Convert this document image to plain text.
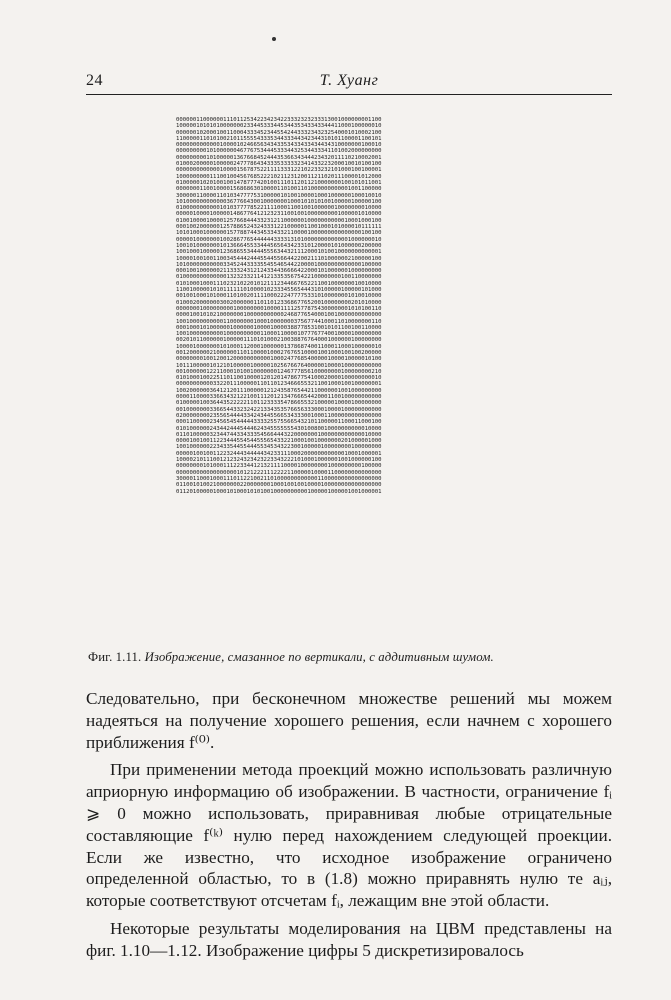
24	Т. Хуанг
0000001100000011101125342234234223332323233313001000000001100
1000001010101000000023344533344534435343343344411000100000010
0000001020001001100043334523445542443332343232540001010002100
1100000110101002101155554333534433344342344310101100001100101
0000000000000100001024665634343353433433434434310000000100010
0000000001010000004677675344453334432534433341101002000000000
0000000001010000013676684524443536634344423432011110210002001
0100020000010000024777864343335333332341433223200010010100100
0000000000000100001567875221111333122102233232101000100100001
1000000000111001004567685222102112312001121102011100001012000
0100000102010010014787774201001110112011210000000100101011001
0000000110010000156868630100001101001101000000000001001100000
3000001100001101034777753100000101001000010001000000100010010
1010000000000003677664300100000001000101010100100000100000100
0100000000000101037777852211110001100100100000010000000010000
0000010000100000148677641212323110010010000000001000001010000
0100100001000012576684443323121100000010000000000010001000100
0001002000000125788652432433312210000011001000101000010111111
1010100010000001577887443453343321100001000000000000000100100
0000010000000100286776544444433331310100000000000001000000010
1001010000000101366645533444565643423310120000101000000200000
1001000100000123686553444455563443211120001010010000000000001
1000010010011003454442444554455664422002111010000002100000100
1010000000000033452443333554554654422000010000000000000100000
0001001000000211333243121243344366664220001010000001000000000
0100000000000001323233211412133535675422100000000100110000000
0101000100011102321022010121112344667652211001000000010010000
1100100000101011111101000010233345565444310100000100000101000
0010010001010001101002011110002224777753310100000001010010000
0100020000000300200000011011012336867765200100000000201010000
0000000100000000010000000010000111125778754300000001010100110
0000100101021000000010000000000024687765400010010000000000000
1001000000000011000000010001000000037567744100011010000000110
0001000101000000100000010000100003887785310010101100100110000
1001000000000010000000000110001100001077767740010000100000000
0020101100000010000011101010002100388767640001000000100000000
1000010000000101000112000100000013786874001100011000100000010
0012000000210000001101100001000276765100001001000100100200000
0000000010012001200000000000100024776854000001000010000010100
1011100000101210100000100000102567667640000010000100000000000
0010000001221100010100100000001246777856100000000100000000210
0101000100225110110010000120120147867754100020000100000000010
0000000000033220111000001101101234666553211001000100100000001
1002000000364121201110000012124358765442110000001001000000000
0000110000336634321221001112012134766654420001100100000000000
0100000100364435222221101123333547866553210000010000100000000
0010000000336654433232422133435357665633300010000100000000000
0200000000235565444433424344556653433300100011000000000000000
0001100000234565454444433332557556654321011000001100011000100
0101000000243442444544462434555555543010080010000000000010000
0110100000323447443343335456644432200000001000000000000010000
0000100100112234445545445556543322100010010000000201000001000
1001000000223433544554445534534322300100000100000000100000000
0000010010011223244434444434233111000200000000000010001000001
1000021011100121232432342322334322210100010000001001000000100
0000000010100011122334412132111100001000000001000000000100000
0000000000000000001012122211122221100000100001100000000000000
3000011000100011101122100211010000000000001100000000000000000
0110010100210000000220000000100010010010000100000000000000000
0112010000010001010001010100100000000001000001000001001000001
Фиг. 1.11. Изображение, смазанное по вертикали, с аддитивным шумом.

Следовательно, при бесконечном множестве решений мы можем надеяться на получение хорошего решения, если начнем с хорошего приближения f⁽⁰⁾.

При применении метода проекций можно использовать различную априорную информацию об изображении. В частности, ограничение fᵢ ⩾ 0 можно использовать, приравнивая любые отрицательные составляющие f⁽ᵏ⁾ нулю перед нахождением следующей проекции. Если же известно, что исходное изображение ограничено определенной областью, то в (1.8) можно приравнять нулю те aᵢⱼ, которые соответствуют отсчетам fᵢ, лежащим вне этой области.

Некоторые результаты моделирования на ЦВМ представлены на фиг. 1.10—1.12. Изображение цифры 5 дискретизировалось
